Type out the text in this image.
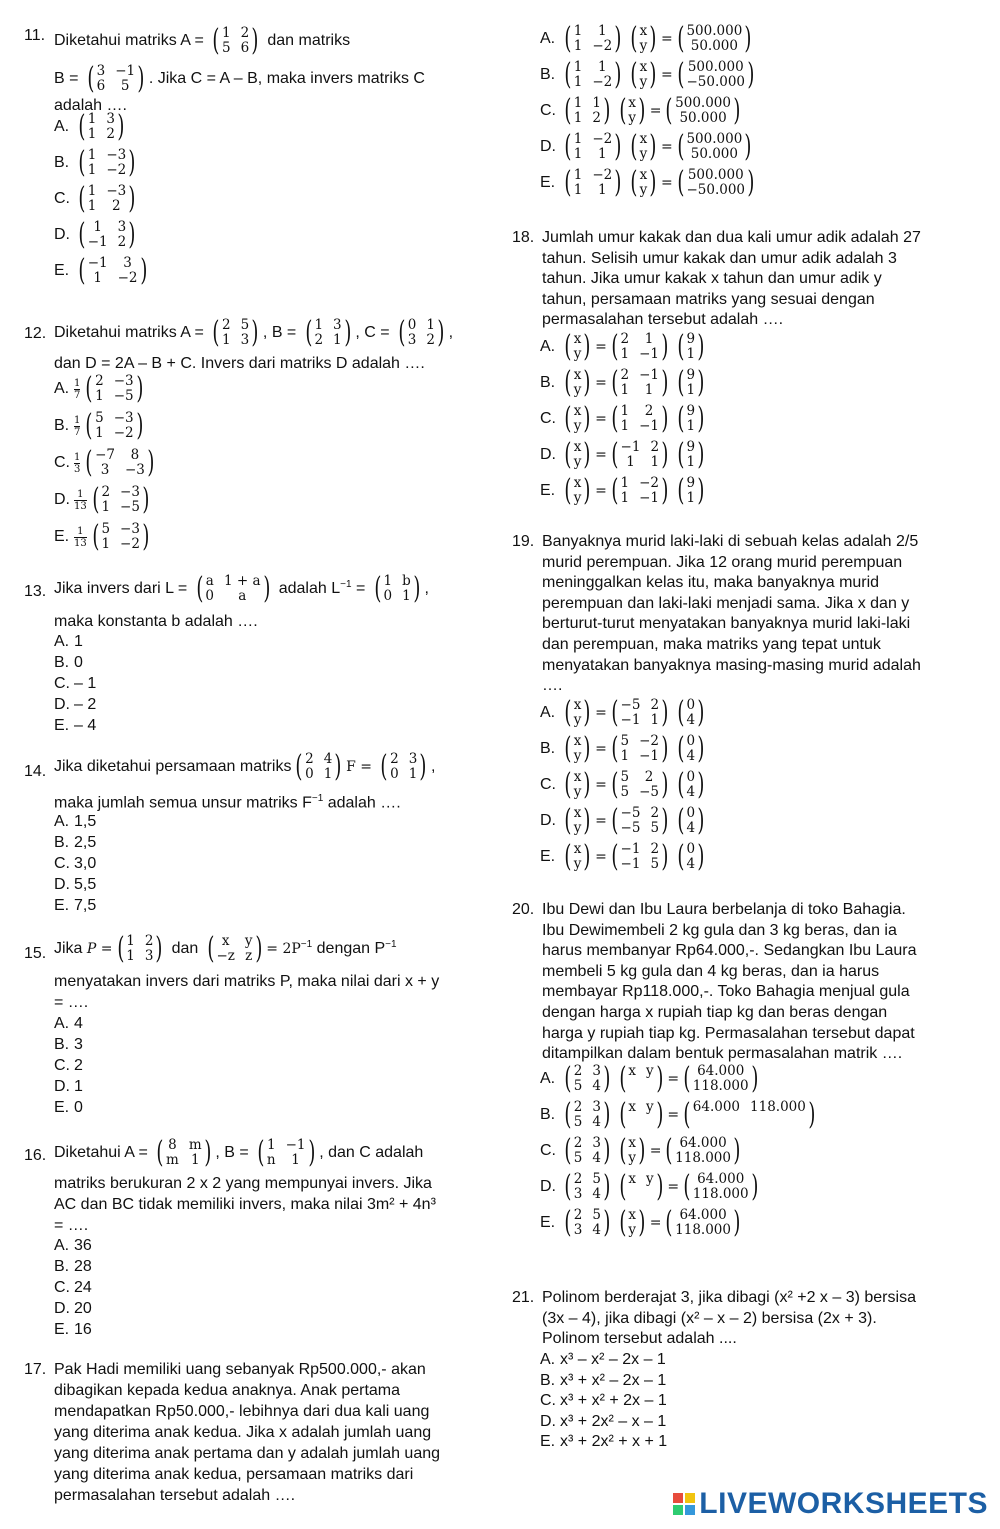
11. Diketahui matriks A = ( 1 2
5 6 ) dan matriks
B = ( 3 −1
6	5 ) . Jika C = A – B, maka invers matriks C
adalah ….
A. ( 1 3
1 2 )
B. ( 1 −3
1 −2 )
C. ( 1 −3
1	2 )
D. ( 1	3
−1 2 )
E. ( −1	3
1	−2 )
12. Diketahui matriks A = ( 2 5
1 3 ) , B = ( 1 3
2 1 ) , C = ( 0 1
3 2 ) ,
dan D = 2A – B + C. Invers dari matriks D adalah ….
A. $\frac{1}{7}$ ( 2 −3
1 −5 )
B. $\frac{1}{7}$ ( 5 −3
1 −2 )
C. $\frac{1}{3}$ ( −7	8
3	−3 )
D. $\frac{1}{13}$ ( 2 −3
1 −5 )
E. $\frac{1}{13}$ ( 5 −3
1 −2 )
13. Jika invers dari L = ( a 1 + a
0	a ) adalah $L^{-1}$ = ( 1 b
0 1 ) ,
maka konstanta b adalah ….
A. 1
B. 0
C. – 1
D. – 2
E. – 4
14. Jika diketahui persamaan matriks ( 2 4
0 1 ) F = ( 2 3
0 1 ) ,
maka jumlah semua unsur matriks $F^{-1}$ adalah ….
A. 1,5
B. 2,5
C. 3,0
D. 5,5
E. 7,5
15. Jika P = ( 1 2
1 3 ) dan ( x	y
−z z ) = $2P^{-1}$ dengan $P^{-1}$
menyatakan invers dari matriks P, maka nilai dari x + y
= ….
A. 4
B. 3
C. 2
D. 1
E. 0
16. Diketahui A = ( 8 m
m 1 ) , B = ( 1 −1
n	1 ) , dan C adalah
matriks berukuran 2 x 2 yang mempunyai invers. Jika
AC dan BC tidak memiliki invers, maka nilai 3m² + 4n³
= ….
A. 36
B. 28
C. 24
D. 20
E. 16
17. Pak Hadi memiliki uang sebanyak Rp500.000,- akan
dibagikan kepada kedua anaknya. Anak pertama
mendapatkan Rp50.000,- lebihnya dari dua kali uang
yang diterima anak kedua. Jika x adalah jumlah uang
yang diterima anak pertama dan y adalah jumlah uang
yang diterima anak kedua, persamaan matriks dari
permasalahan tersebut adalah ….
A. ( 1	1
1 −2 ) ( x
y ) = ( 500.000
50.000 )
B. ( 1	1
1 −2 ) ( x
y ) = ( 500.000
−50.000 )
C. ( 1 1
1 2 ) ( x
y ) = ( 500.000
50.000 )
D. ( 1 −2
1	1 ) ( x
y ) = ( 500.000
50.000 )
E. ( 1 −2
1	1 ) ( x
y ) = ( 500.000
−50.000 )
18. Jumlah umur kakak dan dua kali umur adik adalah 27
tahun. Selisih umur kakak dan umur adik adalah 3
tahun. Jika umur kakak x tahun dan umur adik y
tahun, persamaan matriks yang sesuai dengan
permasalahan tersebut adalah ….
A. ( x
y ) = ( 2	1
1 −1 ) ( 9
1 )
B. ( x
y ) = ( 2 −1
1	1 ) ( 9
1 )
C. ( x
y ) = ( 1	2
1 −1 ) ( 9
1 )
D. ( x
y ) = ( −1 2
1	1 ) ( 9
1 )
E. ( x
y ) = ( 1 −2
1 −1 ) ( 9
1 )
19. Banyaknya murid laki-laki di sebuah kelas adalah 2/5
murid perempuan. Jika 12 orang murid perempuan
meninggalkan kelas itu, maka banyaknya murid
perempuan dan laki-laki menjadi sama. Jika x dan y
berturut-turut menyatakan banyaknya murid laki-laki
dan perempuan, maka matriks yang tepat untuk
menyatakan banyaknya masing-masing murid adalah
….
A. ( x
y ) = ( −5 2
−1 1 ) ( 0
4 )
B. ( x
y ) = ( 5 −2
1 −1 ) ( 0
4 )
C. ( x
y ) = ( 5	2
5 −5 ) ( 0
4 )
D. ( x
y ) = ( −5 2
−5 5 ) ( 0
4 )
E. ( x
y ) = ( −1 2
−1 5 ) ( 0
4 )
20. Ibu Dewi dan Ibu Laura berbelanja di toko Bahagia.
Ibu Dewimembeli 2 kg gula dan 3 kg beras, dan ia
harus membanyar Rp64.000,-. Sedangkan Ibu Laura
membeli 5 kg gula dan 4 kg beras, dan ia harus
membayar Rp118.000,-. Toko Bahagia menjual gula
dengan harga x rupiah tiap kg dan beras dengan
harga y rupiah tiap kg. Permasalahan tersebut dapat
ditampilkan dalam bentuk permasalahan matrik ….
A. ( 2 3
5 4 ) ( x y ) = ( 64.000
118.000 )
B. ( 2 3
5 4 ) ( x y ) = ( 64.000 118.000 )
C. ( 2 3
5 4 ) ( x
y ) = ( 64.000
118.000 )
D. ( 2 5
3 4 ) ( x y ) = ( 64.000
118.000 )
E. ( 2 5
3 4 ) ( x
y ) = ( 64.000
118.000 )
21. Polinom berderajat 3, jika dibagi (x² +2 x – 3) bersisa
(3x – 4), jika dibagi (x² – x – 2) bersisa (2x + 3).
Polinom tersebut adalah ....
A. x³ – x² – 2x – 1
B. x³ + x² – 2x – 1
C. x³ + x² + 2x – 1
D. x³ + 2x² – x – 1
E. x³ + 2x² + x + 1
LIVEWORKSHEETS
